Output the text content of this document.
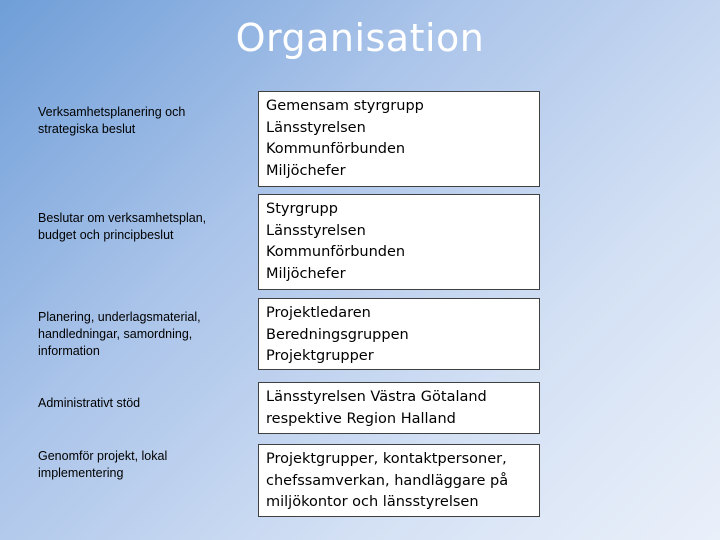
Organisation
Verksamhetsplanering och strategiska beslut
Gemensam styrgrupp
Länsstyrelsen
Kommunförbunden
Miljöchefer
Beslutar om verksamhetsplan, budget och principbeslut
Styrgrupp
Länsstyrelsen
Kommunförbunden
Miljöchefer
Planering, underlagsmaterial, handledningar, samordning, information
Projektledaren
Beredningsgruppen
Projektgrupper
Administrativt stöd	Länsstyrelsen Västra Götaland respektive Region Halland
Genomför projekt, lokal implementering
Projektgrupper, kontaktpersoner, chefssamverkan, handläggare på miljökontor och länsstyrelsen
